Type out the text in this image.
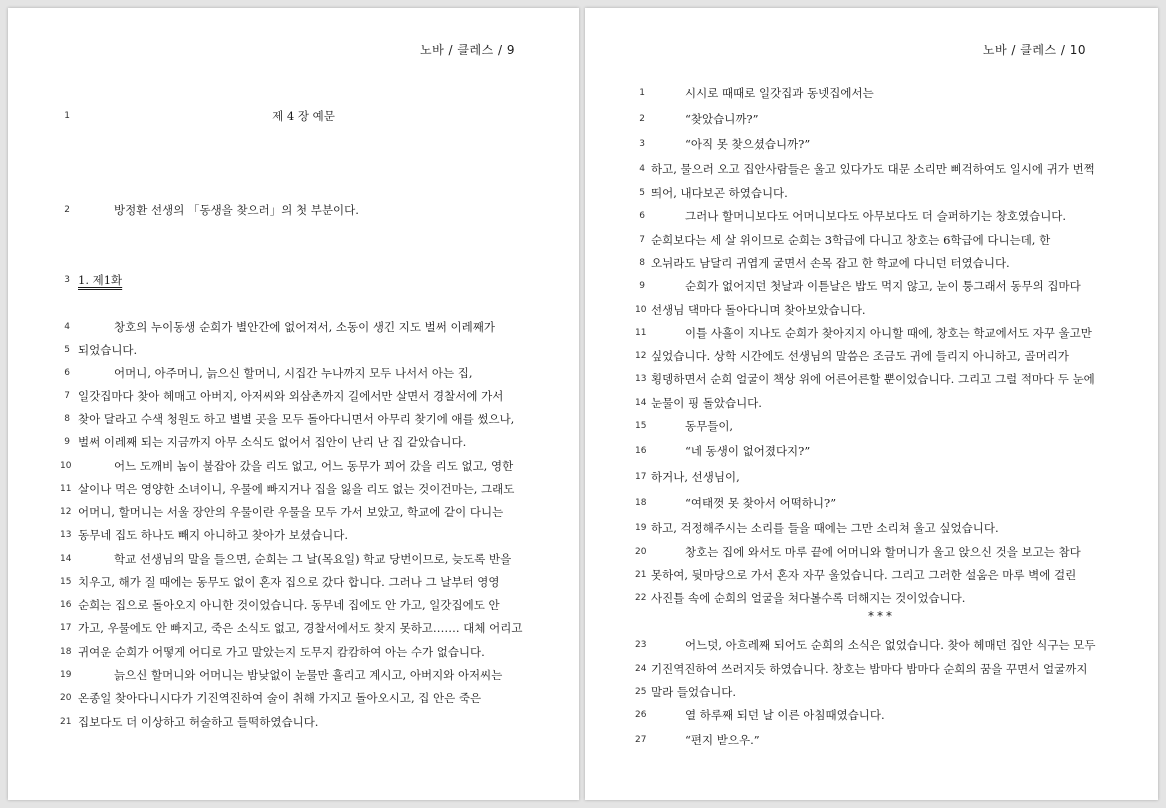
노바 / 클레스 / 9
1	제 4 장 예문
2	방정환 선생의 「동생을 찾으러」의 첫 부분이다.
3 1. 제1화
4	창호의 누이동생 순희가 별안간에 없어져서, 소동이 생긴 지도 벌써 이레째가
5 되었습니다.
6	어머니, 아주머니, 늙으신 할머니, 시집간 누나까지 모두 나서서 아는 집,
7 일갓집마다 찾아 헤매고 아버지, 아저씨와 외삼촌까지 길에서만 살면서 경찰서에 가서
8 찾아 달라고 수색 청원도 하고 별별 곳을 모두 돌아다니면서 아무리 찾기에 애를 썼으나,
9 벌써 이레째 되는 지금까지 아무 소식도 없어서 집안이 난리 난 집 같았습니다.
10	어느 도깨비 놈이 불잡아 갔을 리도 없고, 어느 동무가 꾀어 갔을 리도 없고, 영한
11 살이나 먹은 영양한 소녀이니, 우물에 빠지거나 집을 잃을 리도 없는 것이건마는, 그래도
12 어머니, 할머니는 서울 장안의 우물이란 우물을 모두 가서 보았고, 학교에 같이 다니는
13 동무네 집도 하나도 빼지 아니하고 찾아가 보셨습니다.
14	학교 선생님의 말을 들으면, 순희는 그 날(목요일) 학교 당번이므로, 늦도록 반을
15 치우고, 해가 질 때에는 동무도 없이 혼자 집으로 갔다 합니다. 그러나 그 날부터 영영
16 순희는 집으로 돌아오지 아니한 것이었습니다. 동무네 집에도 안 가고, 일갓집에도 안
17 가고, 우물에도 안 빠지고, 죽은 소식도 없고, 경찰서에서도 찾지 못하고……. 대체 어리고
18 귀여운 순희가 어떻게 어디로 가고 말았는지 도무지 캄캄하여 아는 수가 없습니다.
19	늙으신 할머니와 어머니는 밤낮없이 눈물만 흘리고 계시고, 아버지와 아저씨는
20 온종일 찾아다니시다가 기진역진하여 술이 취해 가지고 돌아오시고, 집 안은 죽은
21 집보다도 더 이상하고 허술하고 들떡하였습니다.
노바 / 클레스 / 10
1	시시로 때때로 일갓집과 동넷집에서는
2	“찾았습니까?”
3	“아직 못 찾으셨습니까?”
4 하고, 물으러 오고 집안사람들은 울고 있다가도 대문 소리만 삐걱하여도 일시에 귀가 번쩍
5 띄어, 내다보곤 하였습니다.
6	그러나 할머니보다도 어머니보다도 아무보다도 더 슬퍼하기는 창호였습니다.
7 순희보다는 세 살 위이므로 순희는 3학급에 다니고 창호는 6학급에 다니는데, 한
8 오뉘라도 남달리 귀엽게 굴면서 손목 잡고 한 학교에 다니던 터였습니다.
9	순희가 없어지던 첫날과 이튿날은 밥도 먹지 않고, 눈이 퉁그래서 동무의 집마다
10 선생님 댁마다 돌아다니며 찾아보았습니다.
11	이틀 사흘이 지나도 순희가 찾아지지 아니할 때에, 창호는 학교에서도 자꾸 울고만
12 싶었습니다. 상학 시간에도 선생님의 말씀은 조금도 귀에 들리지 아니하고, 골머리가
13 횡뎅하면서 순희 얼굴이 책상 위에 어른어른할 뿐이었습니다. 그리고 그럴 적마다 두 눈에
14 눈물이 핑 돌았습니다.
15	동무들이,
16	“네 동생이 없어졌다지?”
17 하거나, 선생님이,
18	“여태껏 못 찾아서 어떡하니?”
19 하고, 걱정해주시는 소리를 들을 때에는 그만 소리쳐 울고 싶었습니다.
20	창호는 집에 와서도 마루 끝에 어머니와 할머니가 울고 앉으신 것을 보고는 참다
21 못하여, 뒷마당으로 가서 혼자 자꾸 울었습니다. 그리고 그러한 설움은 마루 벽에 걸린
22 사진틀 속에 순희의 얼굴을 쳐다볼수록 더해지는 것이었습니다.
23	어느덧, 아흐레째 되어도 순희의 소식은 없었습니다. 찾아 헤매던 집안 식구는 모두
24 기진역진하여 쓰러지듯 하였습니다. 창호는 밤마다 밤마다 순희의 꿈을 꾸면서 얼굴까지
25 말라 들었습니다.
26	열 하루째 되던 날 이른 아침때였습니다.
27	“편지 받으우.”
***
